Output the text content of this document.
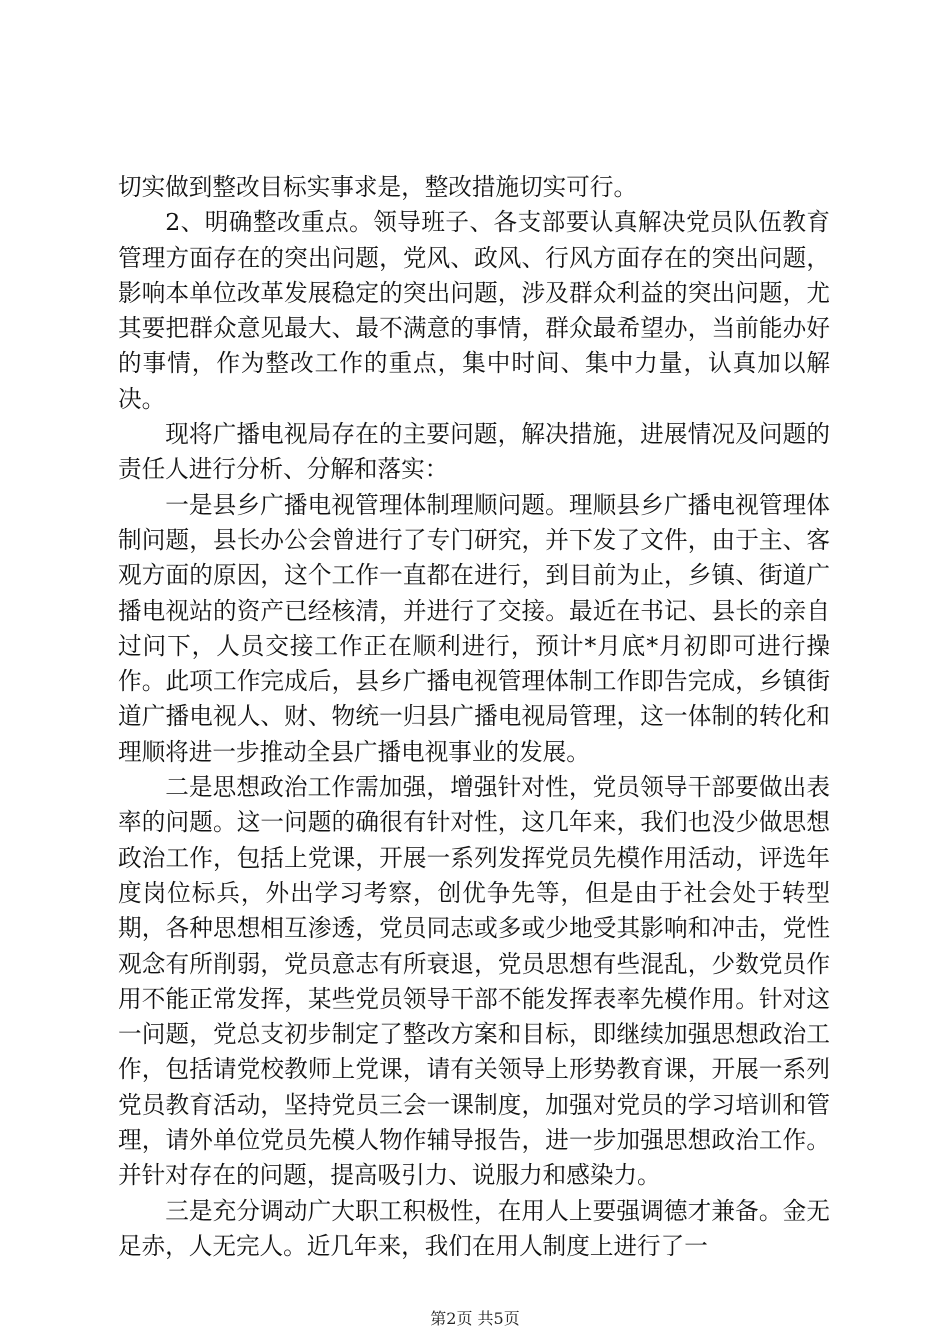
切实做到整改目标实事求是，整改措施切实可行。

2、明确整改重点。领导班子、各支部要认真解决党员队伍教育管理方面存在的突出问题，党风、政风、行风方面存在的突出问题，影响本单位改革发展稳定的突出问题，涉及群众利益的突出问题，尤其要把群众意见最大、最不满意的事情，群众最希望办，当前能办好的事情，作为整改工作的重点，集中时间、集中力量，认真加以解决。

现将广播电视局存在的主要问题，解决措施，进展情况及问题的责任人进行分析、分解和落实：

一是县乡广播电视管理体制理顺问题。理顺县乡广播电视管理体制问题，县长办公会曾进行了专门研究，并下发了文件，由于主、客观方面的原因，这个工作一直都在进行，到目前为止，乡镇、街道广播电视站的资产已经核清，并进行了交接。最近在书记、县长的亲自过问下，人员交接工作正在顺利进行，预计*月底*月初即可进行操作。此项工作完成后，县乡广播电视管理体制工作即告完成，乡镇街道广播电视人、财、物统一归县广播电视局管理，这一体制的转化和理顺将进一步推动全县广播电视事业的发展。

二是思想政治工作需加强，增强针对性，党员领导干部要做出表率的问题。这一问题的确很有针对性，这几年来，我们也没少做思想政治工作，包括上党课，开展一系列发挥党员先模作用活动，评选年度岗位标兵，外出学习考察，创优争先等，但是由于社会处于转型期，各种思想相互渗透，党员同志或多或少地受其影响和冲击，党性观念有所削弱，党员意志有所衰退，党员思想有些混乱，少数党员作用不能正常发挥，某些党员领导干部不能发挥表率先模作用。针对这一问题，党总支初步制定了整改方案和目标，即继续加强思想政治工作，包括请党校教师上党课，请有关领导上形势教育课，开展一系列党员教育活动，坚持党员三会一课制度，加强对党员的学习培训和管理，请外单位党员先模人物作辅导报告，进一步加强思想政治工作。并针对存在的问题，提高吸引力、说服力和感染力。

三是充分调动广大职工积极性，在用人上要强调德才兼备。金无足赤，人无完人。近几年来，我们在用人制度上进行了一

第2页 共5页
